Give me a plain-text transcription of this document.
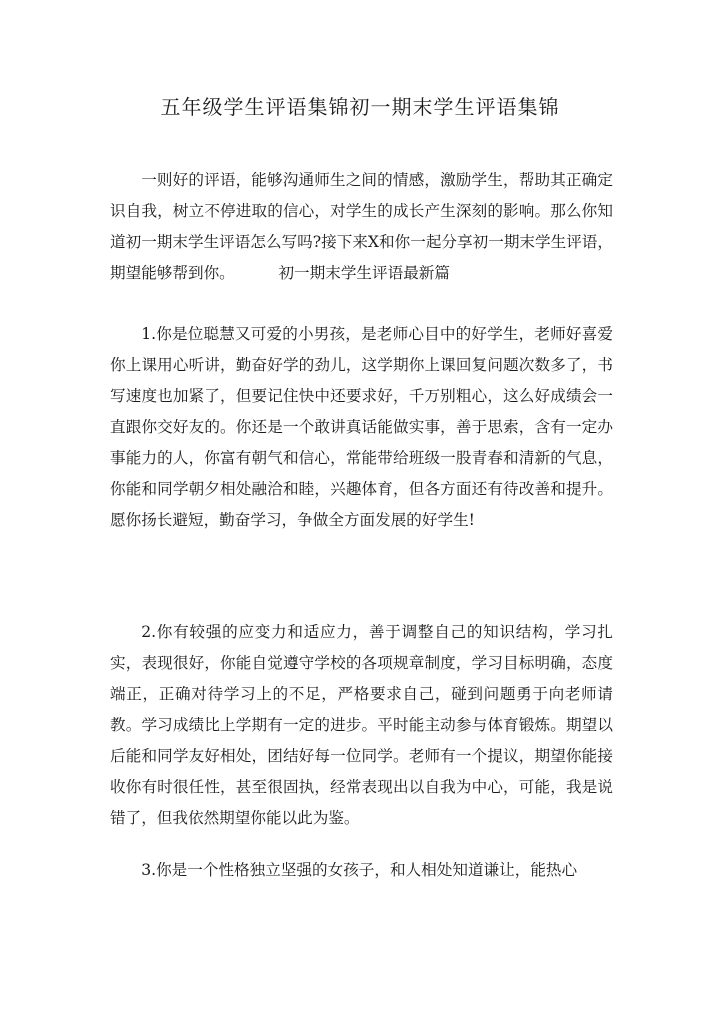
五年级学生评语集锦初一期末学生评语集锦

一则好的评语，能够沟通师生之间的情感，激励学生，帮助其正确定识自我，树立不停进取的信心，对学生的成长产生深刻的影响。那么你知道初一期末学生评语怎么写吗?接下来X和你一起分享初一期末学生评语，期望能够帮到你。	初一期末学生评语最新篇

1.你是位聪慧又可爱的小男孩，是老师心目中的好学生，老师好喜爱你上课用心听讲，勤奋好学的劲儿，这学期你上课回复问题次数多了，书写速度也加紧了，但要记住快中还要求好，千万别粗心，这么好成绩会一直跟你交好友的。你还是一个敢讲真话能做实事，善于思索，含有一定办事能力的人，你富有朝气和信心，常能带给班级一股青春和清新的气息，你能和同学朝夕相处融洽和睦，兴趣体育，但各方面还有待改善和提升。愿你扬长避短，勤奋学习，争做全方面发展的好学生!

2.你有较强的应变力和适应力，善于调整自己的知识结构，学习扎实，表现很好，你能自觉遵守学校的各项规章制度，学习目标明确，态度端正，正确对待学习上的不足，严格要求自己，碰到问题勇于向老师请教。学习成绩比上学期有一定的进步。平时能主动参与体育锻炼。期望以后能和同学友好相处，团结好每一位同学。老师有一个提议，期望你能接收你有时很任性，甚至很固执，经常表现出以自我为中心，可能，我是说错了，但我依然期望你能以此为鉴。

3.你是一个性格独立坚强的女孩子，和人相处知道谦让，能热心
